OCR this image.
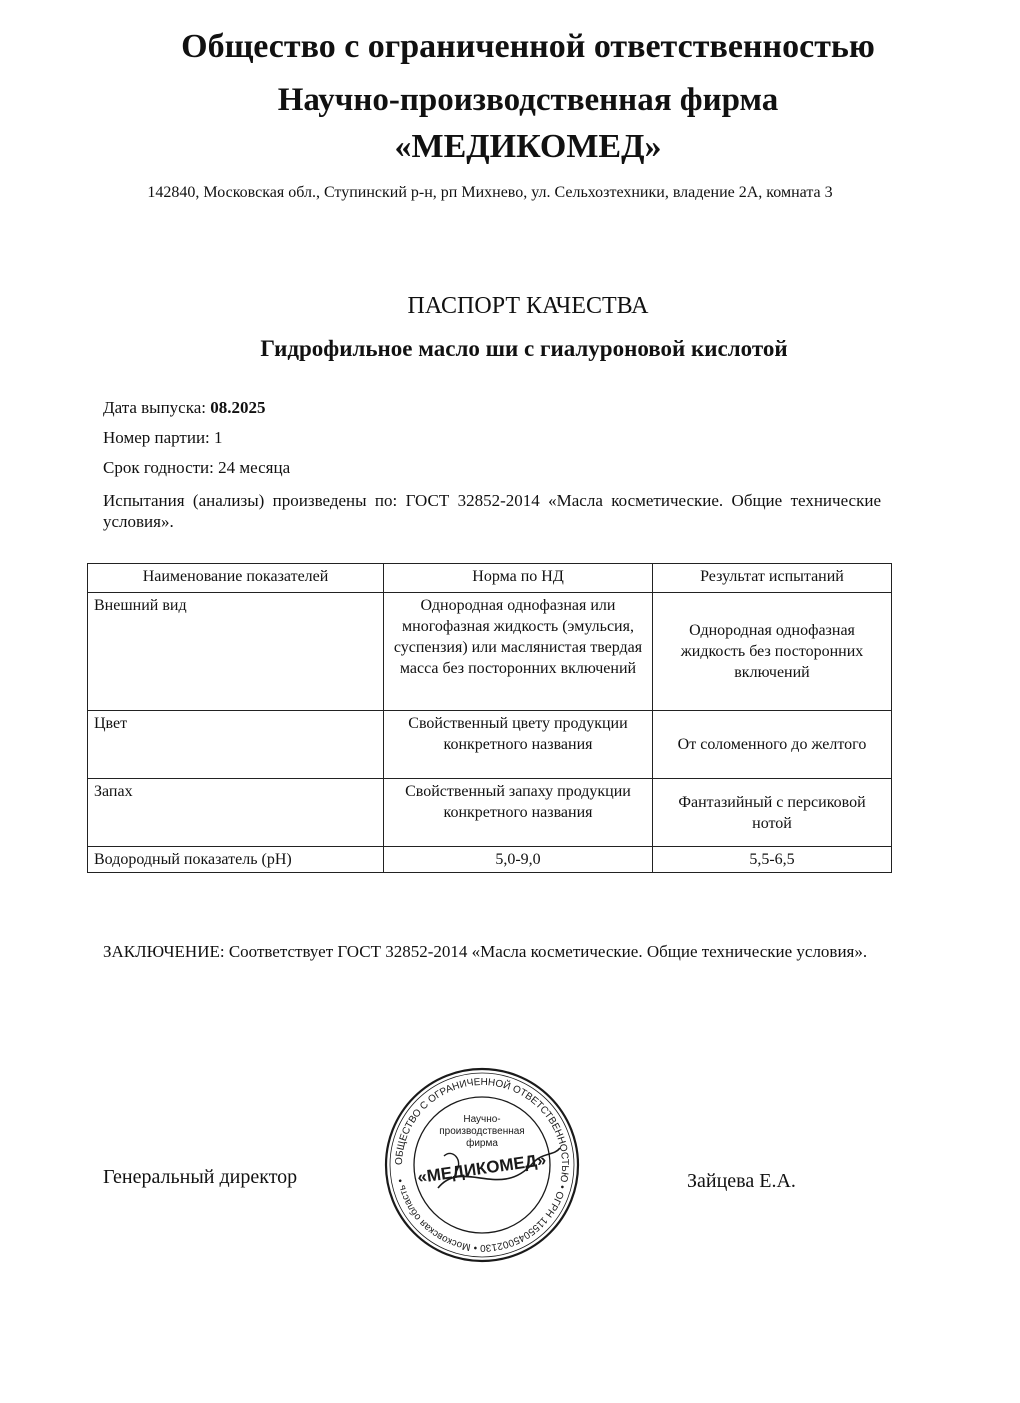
Общество с ограниченной ответственностью
Научно-производственная фирма
«МЕДИКОМЕД»
142840, Московская обл., Ступинский р-н, рп Михнево, ул. Сельхозтехники, владение 2А, комната 3
ПАСПОРТ КАЧЕСТВА
Гидрофильное масло ши с гиалуроновой кислотой
Дата выпуска: 08.2025
Номер партии: 1
Срок годности: 24 месяца
Испытания (анализы) произведены по: ГОСТ 32852-2014 «Масла косметические. Общие технические условия».
Наименование показателей	Норма по НД	Результат испытаний
Внешний вид	Однородная однофазная или многофазная жидкость (эмульсия, суспензия) или маслянистая твердая масса без посторонних включений	Однородная однофазная жидкость без посторонних включений
Цвет	Свойственный цвету продукции конкретного названия	От соломенного до желтого
Запах	Свойственный запаху продукции конкретного названия	Фантазийный с персиковой нотой
Водородный показатель (pH)	5,0-9,0	5,5-6,5
ЗАКЛЮЧЕНИЕ: Соответствует ГОСТ 32852-2014 «Масла косметические. Общие технические условия».
Генеральный директор
ОБЩЕСТВО С ОГРАНИЧЕННОЙ ОТВЕТСТВЕННОСТЬЮ • ОГРН 1155045002130 • Московская область •
Научно-
производственная
фирма
«МЕДИКОМЕД»	Зайцева Е.А.
